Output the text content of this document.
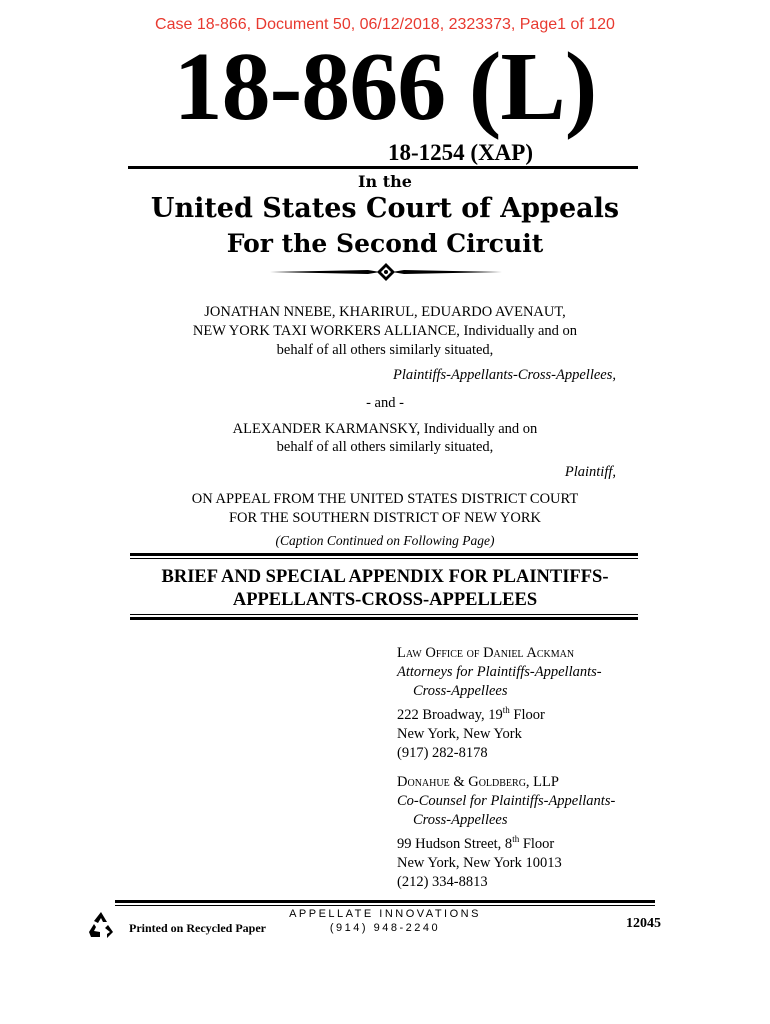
Case 18-866, Document 50, 06/12/2018, 2323373, Page1 of 120
18-866 (L)
18-1254 (XAP)
In the
United States Court of Appeals
For the Second Circuit
JONATHAN NNEBE, KHARIRUL, EDUARDO AVENAUT,
NEW YORK TAXI WORKERS ALLIANCE, Individually and on
behalf of all others similarly situated,
Plaintiffs-Appellants-Cross-Appellees,
- and -
ALEXANDER KARMANSKY, Individually and on
behalf of all others similarly situated,
Plaintiff,
ON APPEAL FROM THE UNITED STATES DISTRICT COURT
FOR THE SOUTHERN DISTRICT OF NEW YORK
(Caption Continued on Following Page)
BRIEF AND SPECIAL APPENDIX FOR PLAINTIFFS-
APPELLANTS-CROSS-APPELLEES
Law Office of Daniel Ackman
Attorneys for Plaintiffs-Appellants-
Cross-Appellees
222 Broadway, 19th Floor
New York, New York
(917) 282-8178
Donahue & Goldberg, LLP
Co-Counsel for Plaintiffs-Appellants-
Cross-Appellees
99 Hudson Street, 8th Floor
New York, New York 10013
(212) 334-8813
Printed on Recycled Paper
APPELLATE INNOVATIONS
(914) 948-2240	12045
